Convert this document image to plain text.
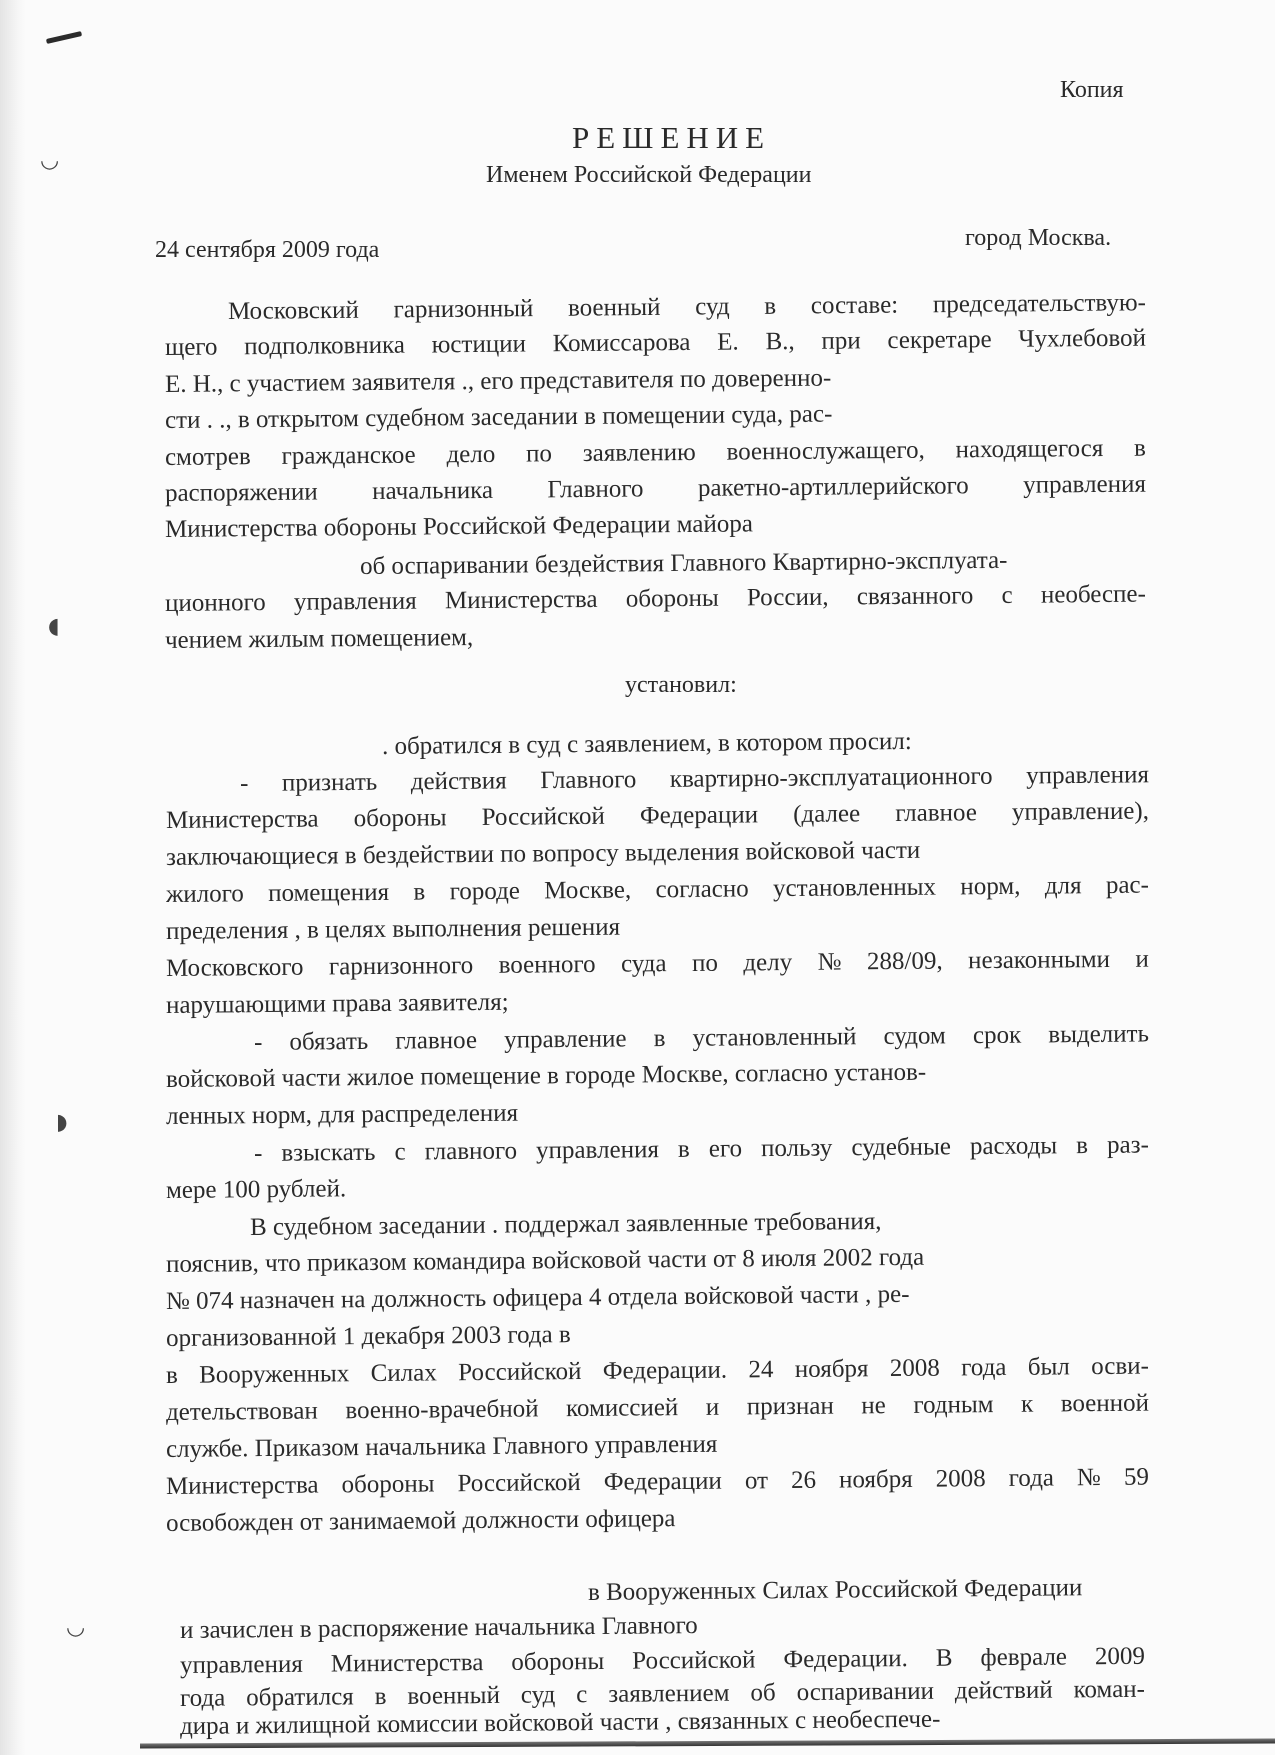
◡
◖
◗
◡
Копия
РЕШЕНИЕ
Именем Российской Федерации
24 сентября 2009 года	город Москва.
Московский гарнизонный военный суд в составе: председательствую-
щего подполковника юстиции Комиссарова Е. В., при секретаре Чухлебовой
Е. Н., с участием заявителя ., его представителя по доверенно-
сти . ., в открытом судебном заседании в помещении суда, рас-
смотрев гражданское дело по заявлению военнослужащего, находящегося в
распоряжении начальника Главного ракетно-артиллерийского управления
Министерства обороны Российской Федерации майора
об оспаривании бездействия Главного Квартирно-эксплуата-
ционного управления Министерства обороны России, связанного с необеспе-
чением жилым помещением,
установил:
. обратился в суд с заявлением, в котором просил:
- признать действия Главного квартирно-эксплуатационного управления
Министерства обороны Российской Федерации (далее главное управление),
заключающиеся в бездействии по вопросу выделения войсковой части
жилого помещения в городе Москве, согласно установленных норм, для рас-
пределения , в целях выполнения решения
Московского гарнизонного военного суда по делу № 288/09, незаконными и
нарушающими права заявителя;
- обязать главное управление в установленный судом срок выделить
войсковой части жилое помещение в городе Москве, согласно установ-
ленных норм, для распределения
- взыскать с главного управления в его пользу судебные расходы в раз-
мере 100 рублей.
В судебном заседании . поддержал заявленные требования,
пояснив, что приказом командира войсковой части от 8 июля 2002 года
№ 074 назначен на должность офицера 4 отдела войсковой части , ре-
организованной 1 декабря 2003 года в
в Вооруженных Силах Российской Федерации. 24 ноября 2008 года был осви-
детельствован военно-врачебной комиссией и признан не годным к военной
службе. Приказом начальника Главного управления
Министерства обороны Российской Федерации от 26 ноября 2008 года № 59
освобожден от занимаемой должности офицера
в Вооруженных Силах Российской Федерации
и зачислен в распоряжение начальника Главного
управления Министерства обороны Российской Федерации. В феврале 2009
года обратился в военный суд с заявлением об оспаривании действий коман-
дира и жилищной комиссии войсковой части , связанных с необеспече-
